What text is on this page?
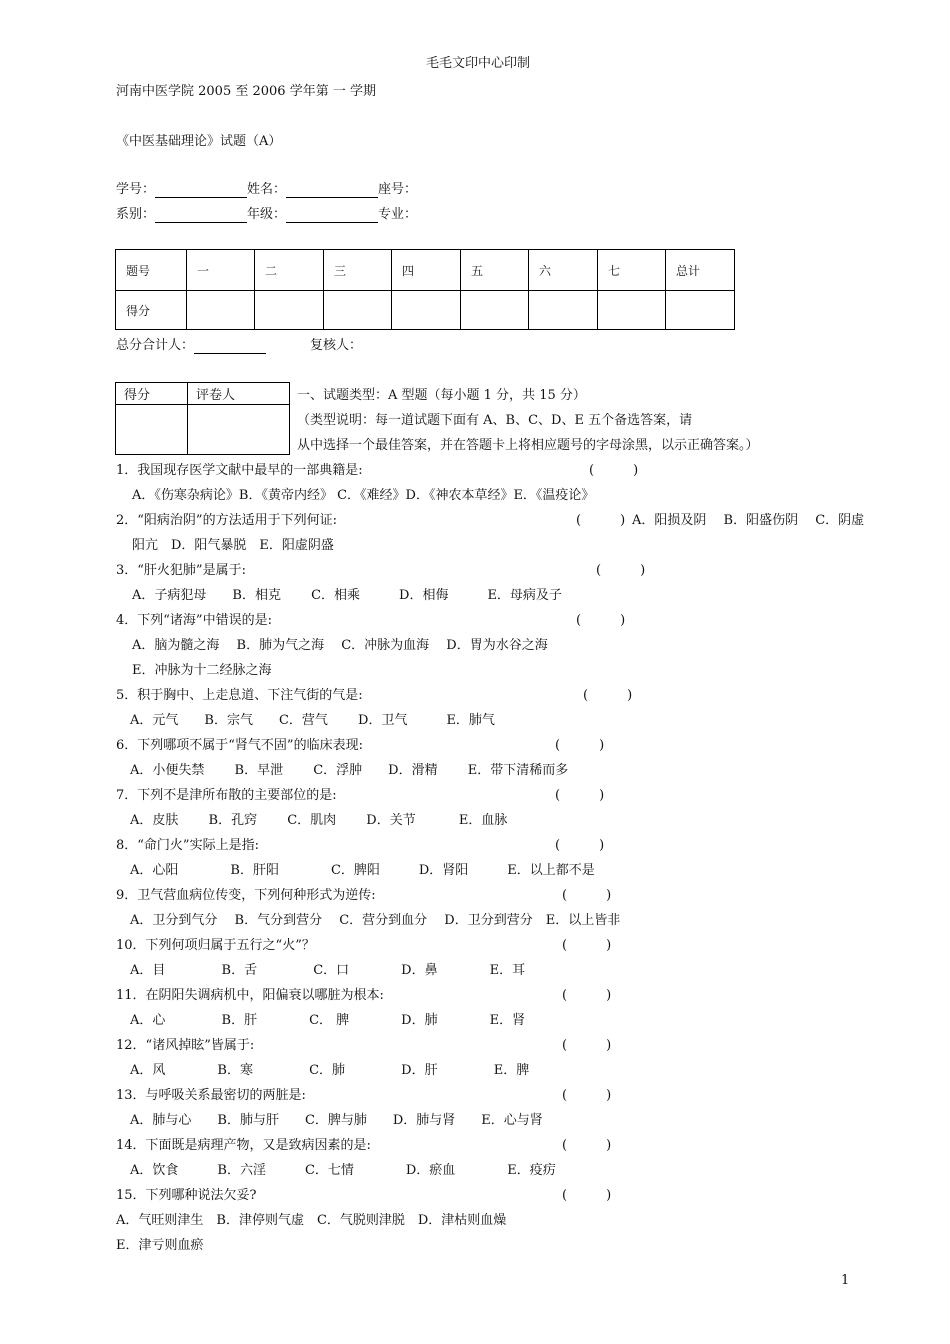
毛毛文印中心印制
河南中医学院 2005 至 2006 学年第 一 学期
《中医基础理论》试题（A）
学号：	姓名：	座号：
系别：	年级：	专业：
题号	一	二	三	四	五	六	七	总计
得分								
总分合计人：	复核人：
得分	评卷人
		一、试题类型：A 型题（每小题 1 分，共 15 分）
（类型说明：每一道试题下面有 A、B、C、D、E 五个备选答案，请
从中选择一个最佳答案，并在答题卡上将相应题号的字母涂黑，以示正确答案。）
1．我国现存医学文献中最早的一部典籍是:	(　　　)
A．《伤寒杂病论》B．《黄帝内经》 C．《难经》D．《神农本草经》E．《温疫论》
2．“阳病治阴”的方法适用于下列何证:	(　　　) A．阳损及阴　 B．阳盛伤阴　 C．阴虚
阳亢　D．阳气暴脱　E．阳虚阴盛
3．“肝火犯肺”是属于:	(　　　)
A．子病犯母　　B．相克　　 C．相乘　　　D．相侮　　　E．母病及子
4．下列“诸海”中错误的是:	(　　　)
A．脑为髓之海　 B．肺为气之海　 C．冲脉为血海　 D．胃为水谷之海
E．冲脉为十二经脉之海
5．积于胸中、上走息道、下注气街的气是:	(　　　)
A．元气　　B．宗气　　C．营气　　 D．卫气　　　E．肺气
6．下列哪项不属于“肾气不固”的临床表现:	(　　　)
A．小便失禁　　 B．早泄　　 C．浮肿　　D．滑精　　 E．带下清稀而多
7．下列不是津所布散的主要部位的是:	(　　　)
A．皮肤　　 B．孔窍　　 C．肌肉　　 D．关节　　　 E．血脉
8．“命门火”实际上是指:	(　　　)
A．心阳　　　　B．肝阳　　　　C．脾阳　　　D．肾阳　　　E．以上都不是
9．卫气营血病位传变，下列何种形式为逆传:	(　　　)
A．卫分到气分　 B．气分到营分　 C．营分到血分　 D．卫分到营分　E．以上皆非
10．下列何项归属于五行之“火”？	(　　　)
A．目　　　　 B．舌　　　　 C．口　　　　D．鼻　　　　E．耳
11．在阴阳失调病机中，阳偏衰以哪脏为根本:	(　　　)
A．心　　　　 B．肝　　　　C． 脾　　　　D．肺　　　　E．肾
12．“诸风掉眩”皆属于:	(　　　)
A．风　　　　B．寒　　　　 C．肺　　　　 D．肝　　　　 E．脾
13．与呼吸关系最密切的两脏是:	(　　　)
A．肺与心　　B．肺与肝　　C．脾与肺　　D．肺与肾　　E．心与肾
14．下面既是病理产物，又是致病因素的是:	(　　　)
A．饮食　　　B．六淫　　　C．七情　　　　D．瘀血　　　　E．疫疠
15．下列哪种说法欠妥?	(　　　)
A．气旺则津生　B．津停则气虚　C．气脱则津脱　D．津枯则血燥
E．津亏则血瘀
1
